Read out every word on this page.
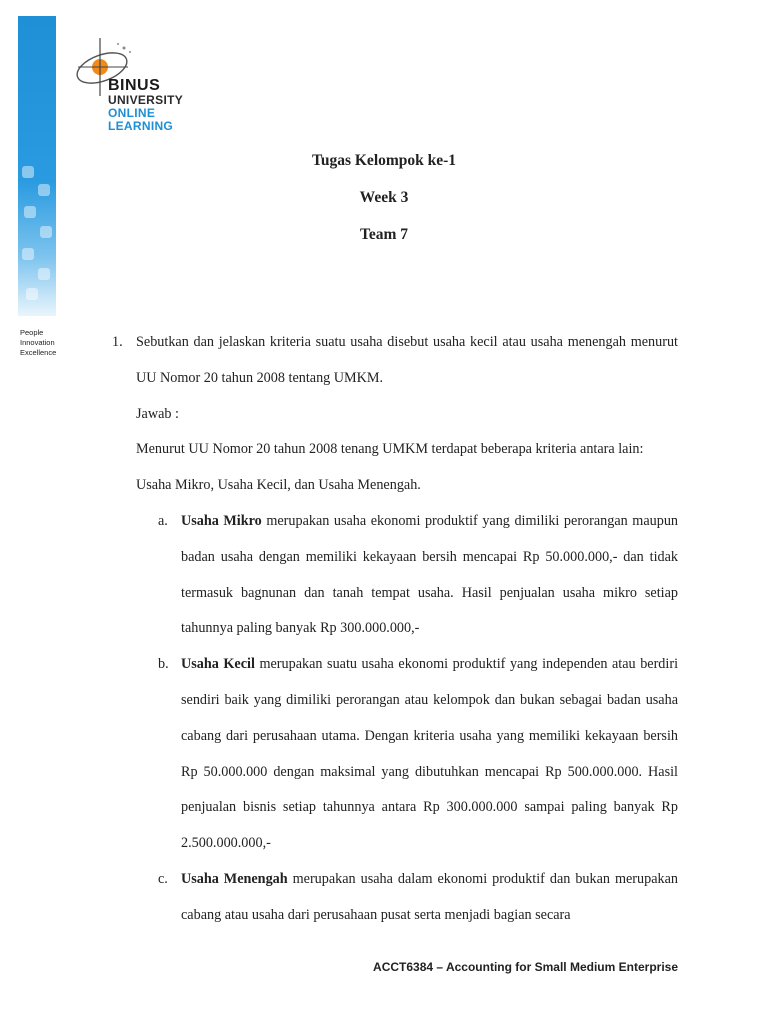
BINUS
UNIVERSITY
ONLINE
LEARNING
People
Innovation
Excellence
Tugas Kelompok ke-1
Week 3
Team 7
1. Sebutkan dan jelaskan kriteria suatu usaha disebut usaha kecil atau usaha menengah menurut UU Nomor 20 tahun 2008 tentang UMKM.
Jawab :
Menurut UU Nomor 20 tahun 2008 tenang UMKM terdapat beberapa kriteria antara lain: Usaha Mikro, Usaha Kecil, dan Usaha Menengah.
a. Usaha Mikro merupakan usaha ekonomi produktif yang dimiliki perorangan maupun badan usaha dengan memiliki kekayaan bersih mencapai Rp 50.000.000,- dan tidak termasuk bagnunan dan tanah tempat usaha. Hasil penjualan usaha mikro setiap tahunnya paling banyak Rp 300.000.000,-
b. Usaha Kecil merupakan suatu usaha ekonomi produktif yang independen atau berdiri sendiri baik yang dimiliki perorangan atau kelompok dan bukan sebagai badan usaha cabang dari perusahaan utama. Dengan kriteria usaha yang memiliki kekayaan bersih Rp 50.000.000 dengan maksimal yang dibutuhkan mencapai Rp 500.000.000. Hasil penjualan bisnis setiap tahunnya antara Rp 300.000.000 sampai paling banyak Rp 2.500.000.000,-
c. Usaha Menengah merupakan usaha dalam ekonomi produktif dan bukan merupakan cabang atau usaha dari perusahaan pusat serta menjadi bagian secara
ACCT6384 – Accounting for Small Medium Enterprise
